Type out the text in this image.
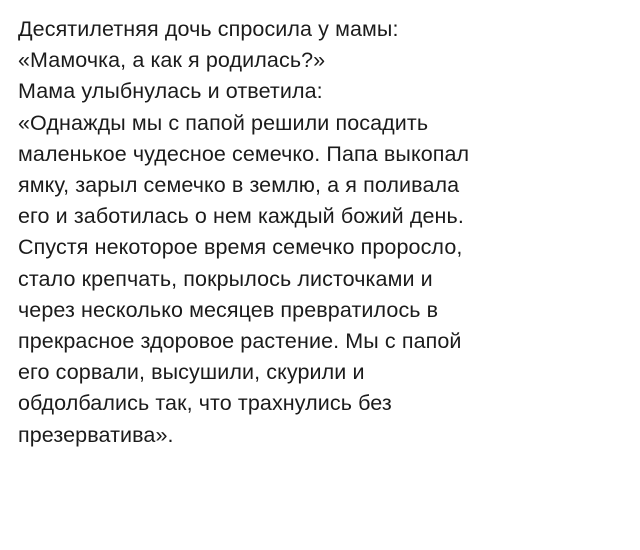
Десятилетняя дочь спросила у мамы:
«Мамочка, а как я родилась?»
Мама улыбнулась и ответила:
«Однажды мы с папой решили посадить
маленькое чудесное семечко. Папа выкопал
ямку, зарыл семечко в землю, а я поливала
его и заботилась о нем каждый божий день.
Спустя некоторое время семечко проросло,
стало крепчать, покрылось листочками и
через несколько месяцев превратилось в
прекрасное здоровое растение. Мы с папой
его сорвали, высушили, скурили и
обдолбались так, что трахнулись без
презерватива».
